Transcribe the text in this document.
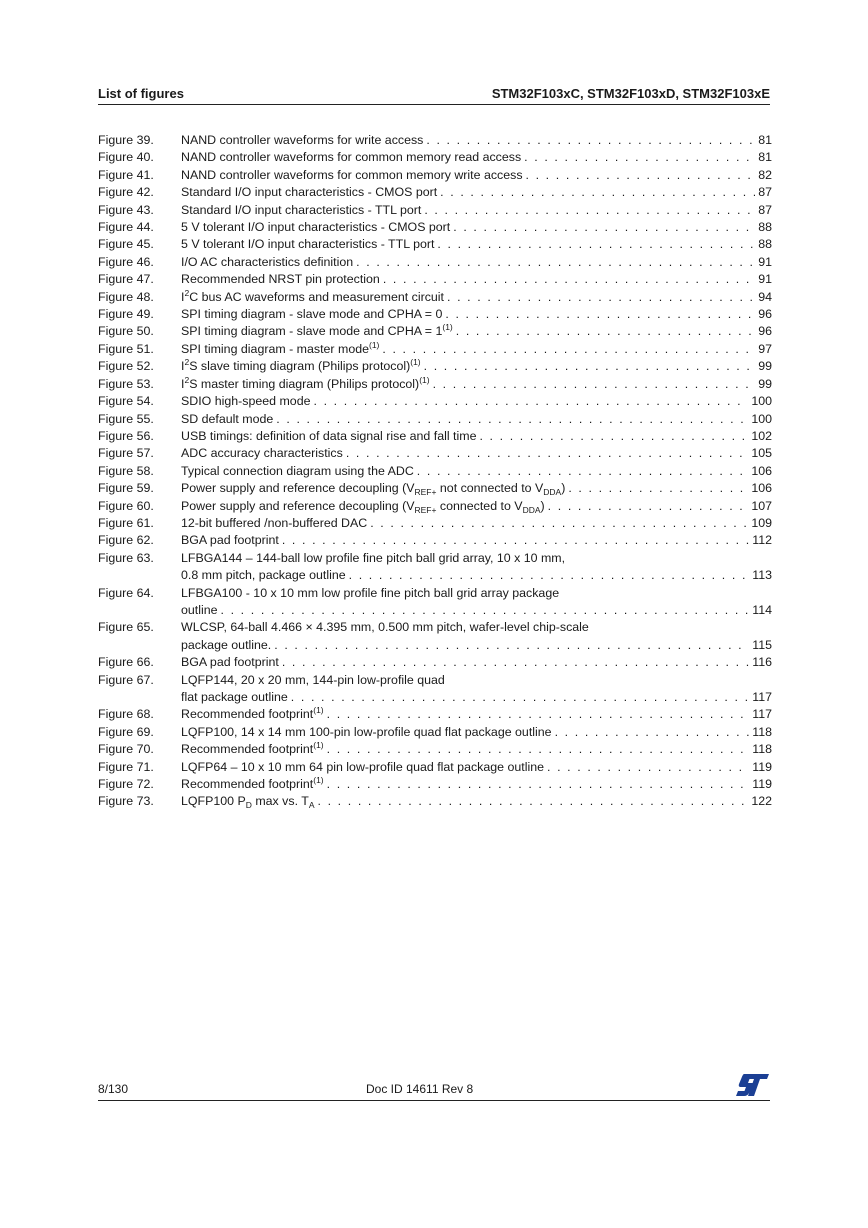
List of figures	STM32F103xC, STM32F103xD, STM32F103xE
Figure 39. NAND controller waveforms for write access . . .	81
Figure 40. NAND controller waveforms for common memory read access . . .	81
Figure 41. NAND controller waveforms for common memory write access . . .	82
Figure 42. Standard I/O input characteristics - CMOS port . . .	87
Figure 43. Standard I/O input characteristics - TTL port . . .	87
Figure 44. 5 V tolerant I/O input characteristics - CMOS port . . .	88
Figure 45. 5 V tolerant I/O input characteristics - TTL port . . .	88
Figure 46. I/O AC characteristics definition . . .	91
Figure 47. Recommended NRST pin protection . . .	91
Figure 48. $I^2C$ bus AC waveforms and measurement circuit . . .	94
Figure 49. SPI timing diagram - slave mode and CPHA = 0 . . .	96
Figure 50. SPI timing diagram - slave mode and CPHA = $1^{(1)}$ . . .	96
Figure 51. SPI timing diagram - master mode$^{(1)}$ . . .	97
Figure 52. $I^2S$ slave timing diagram (Philips protocol)$^{(1)}$ . . .	99
Figure 53. $I^2S$ master timing diagram (Philips protocol)$^{(1)}$ . . .	99
Figure 54. SDIO high-speed mode . . .	100
Figure 55. SD default mode . . .	100
Figure 56. USB timings: definition of data signal rise and fall time . . .	102
Figure 57. ADC accuracy characteristics . . .	105
Figure 58. Typical connection diagram using the ADC . . .	106
Figure 59. Power supply and reference decoupling ($V_{REF+}$ not connected to $V_{DDA}$) . . .	106
Figure 60. Power supply and reference decoupling ($V_{REF+}$ connected to $V_{DDA}$) . . .	107
Figure 61. 12-bit buffered /non-buffered DAC . . .	109
Figure 62. BGA pad footprint . . .	112
Figure 63. LFBGA144 – 144-ball low profile fine pitch ball grid array, 10 x 10 mm,
0.8 mm pitch, package outline . . .	113
Figure 64. LFBGA100 - 10 x 10 mm low profile fine pitch ball grid array package
outline . . .	114
Figure 65. WLCSP, 64-ball 4.466 × 4.395 mm, 0.500 mm pitch, wafer-level chip-scale
package outline. . . .	115
Figure 66. BGA pad footprint . . .	116
Figure 67. LQFP144, 20 x 20 mm, 144-pin low-profile quad
flat package outline . . .	117
Figure 68. Recommended footprint$^{(1)}$ . . .	117
Figure 69. LQFP100, 14 x 14 mm 100-pin low-profile quad flat package outline . . .	118
Figure 70. Recommended footprint$^{(1)}$ . . .	118
Figure 71. LQFP64 – 10 x 10 mm 64 pin low-profile quad flat package outline . . .	119
Figure 72. Recommended footprint$^{(1)}$ . . .	119
Figure 73. LQFP100 $P_D$ max vs. $T_A$ . . .	122
8/130	Doc ID 14611 Rev 8
